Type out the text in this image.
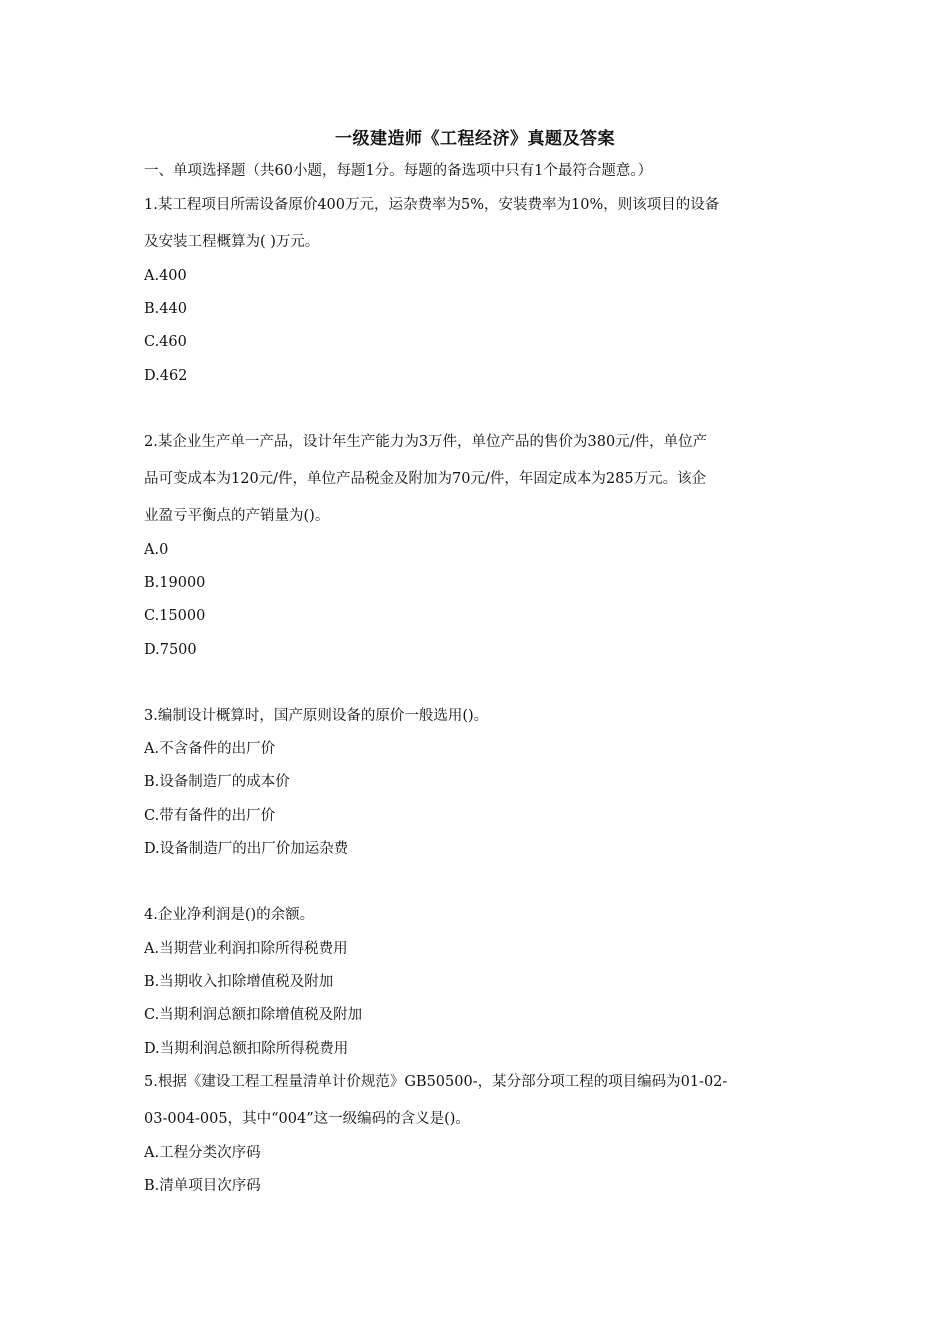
一级建造师《工程经济》真题及答案
一、单项选择题（共60小题，每题1分。每题的备选项中只有1个最符合题意。）
1.某工程项目所需设备原价400万元，运杂费率为5%，安装费率为10%，则该项目的设备
及安装工程概算为( )万元。
A.400
B.440
C.460
D.462
2.某企业生产单一产品，设计年生产能力为3万件，单位产品的售价为380元/件，单位产
品可变成本为120元/件，单位产品税金及附加为70元/件，年固定成本为285万元。该企
业盈亏平衡点的产销量为()。
A.0
B.19000
C.15000
D.7500
3.编制设计概算时，国产原则设备的原价一般选用()。
A.不含备件的出厂价
B.设备制造厂的成本价
C.带有备件的出厂价
D.设备制造厂的出厂价加运杂费
4.企业净利润是()的余额。
A.当期营业利润扣除所得税费用
B.当期收入扣除增值税及附加
C.当期利润总额扣除增值税及附加
D.当期利润总额扣除所得税费用
5.根据《建设工程工程量清单计价规范》GB50500-，某分部分项工程的项目编码为01-02-
03-004-005，其中“004”这一级编码的含义是()。
A.工程分类次序码
B.清单项目次序码
